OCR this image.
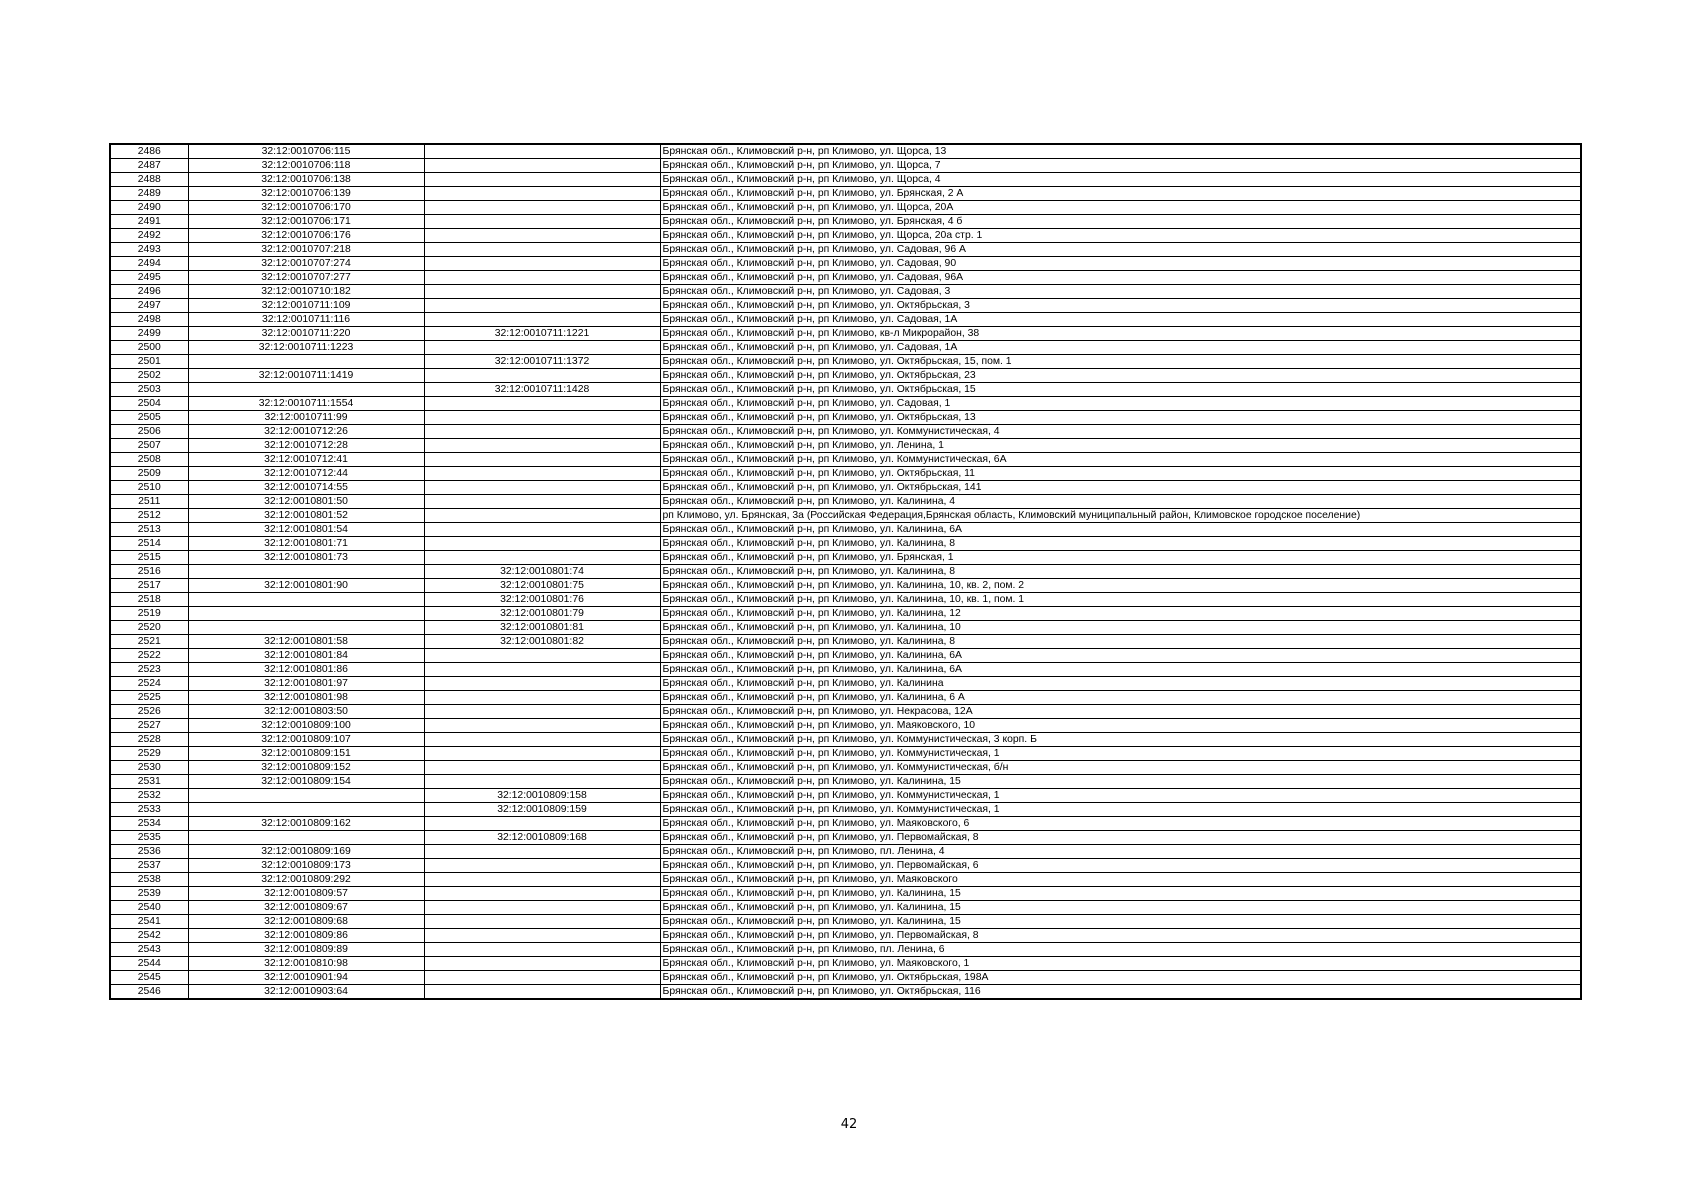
2486	32:12:0010706:115		Брянская обл., Климовский р-н, рп Климово, ул. Щорса, 13
2487	32:12:0010706:118		Брянская обл., Климовский р-н, рп Климово, ул. Щорса, 7
2488	32:12:0010706:138		Брянская обл., Климовский р-н, рп Климово, ул. Щорса, 4
2489	32:12:0010706:139		Брянская обл., Климовский р-н, рп Климово, ул. Брянская, 2 А
2490	32:12:0010706:170		Брянская обл., Климовский р-н, рп Климово, ул. Щорса, 20А
2491	32:12:0010706:171		Брянская обл., Климовский р-н, рп Климово, ул. Брянская, 4 б
2492	32:12:0010706:176		Брянская обл., Климовский р-н, рп Климово, ул. Щорса, 20а стр. 1
2493	32:12:0010707:218		Брянская обл., Климовский р-н, рп Климово, ул. Садовая, 96 А
2494	32:12:0010707:274		Брянская обл., Климовский р-н, рп Климово, ул. Садовая, 90
2495	32:12:0010707:277		Брянская обл., Климовский р-н, рп Климово, ул. Садовая, 96А
2496	32:12:0010710:182		Брянская обл., Климовский р-н, рп Климово, ул. Садовая, 3
2497	32:12:0010711:109		Брянская обл., Климовский р-н, рп Климово, ул. Октябрьская, 3
2498	32:12:0010711:116		Брянская обл., Климовский р-н, рп Климово, ул. Садовая, 1А
2499	32:12:0010711:220	32:12:0010711:1221	Брянская обл., Климовский р-н, рп Климово, кв-л Микрорайон, 38
2500	32:12:0010711:1223		Брянская обл., Климовский р-н, рп Климово, ул. Садовая, 1А
2501		32:12:0010711:1372	Брянская обл., Климовский р-н, рп Климово, ул. Октябрьская, 15, пом. 1
2502	32:12:0010711:1419		Брянская обл., Климовский р-н, рп Климово, ул. Октябрьская, 23
2503		32:12:0010711:1428	Брянская обл., Климовский р-н, рп Климово, ул. Октябрьская, 15
2504	32:12:0010711:1554		Брянская обл., Климовский р-н, рп Климово, ул. Садовая, 1
2505	32:12:0010711:99		Брянская обл., Климовский р-н, рп Климово, ул. Октябрьская, 13
2506	32:12:0010712:26		Брянская обл., Климовский р-н, рп Климово, ул. Коммунистическая, 4
2507	32:12:0010712:28		Брянская обл., Климовский р-н, рп Климово, ул. Ленина, 1
2508	32:12:0010712:41		Брянская обл., Климовский р-н, рп Климово, ул. Коммунистическая, 6А
2509	32:12:0010712:44		Брянская обл., Климовский р-н, рп Климово, ул. Октябрьская, 11
2510	32:12:0010714:55		Брянская обл., Климовский р-н, рп Климово, ул. Октябрьская, 141
2511	32:12:0010801:50		Брянская обл., Климовский р-н, рп Климово, ул. Калинина, 4
2512	32:12:0010801:52		рп Климово, ул. Брянская, 3а (Российская Федерация,Брянская область, Климовский муниципальный район, Климовское городское поселение)
2513	32:12:0010801:54		Брянская обл., Климовский р-н, рп Климово, ул. Калинина, 6А
2514	32:12:0010801:71		Брянская обл., Климовский р-н, рп Климово, ул. Калинина, 8
2515	32:12:0010801:73		Брянская обл., Климовский р-н, рп Климово, ул. Брянская, 1
2516		32:12:0010801:74	Брянская обл., Климовский р-н, рп Климово, ул. Калинина, 8
2517	32:12:0010801:90	32:12:0010801:75	Брянская обл., Климовский р-н, рп Климово, ул. Калинина, 10, кв. 2, пом. 2
2518		32:12:0010801:76	Брянская обл., Климовский р-н, рп Климово, ул. Калинина, 10, кв. 1, пом. 1
2519		32:12:0010801:79	Брянская обл., Климовский р-н, рп Климово, ул. Калинина, 12
2520		32:12:0010801:81	Брянская обл., Климовский р-н, рп Климово, ул. Калинина, 10
2521	32:12:0010801:58	32:12:0010801:82	Брянская обл., Климовский р-н, рп Климово, ул. Калинина, 8
2522	32:12:0010801:84		Брянская обл., Климовский р-н, рп Климово, ул. Калинина, 6А
2523	32:12:0010801:86		Брянская обл., Климовский р-н, рп Климово, ул. Калинина, 6А
2524	32:12:0010801:97		Брянская обл., Климовский р-н, рп Климово, ул. Калинина
2525	32:12:0010801:98		Брянская обл., Климовский р-н, рп Климово, ул. Калинина, 6 А
2526	32:12:0010803:50		Брянская обл., Климовский р-н, рп Климово, ул. Некрасова, 12А
2527	32:12:0010809:100		Брянская обл., Климовский р-н, рп Климово, ул. Маяковского, 10
2528	32:12:0010809:107		Брянская обл., Климовский р-н, рп Климово, ул. Коммунистическая, 3 корп. Б
2529	32:12:0010809:151		Брянская обл., Климовский р-н, рп Климово, ул. Коммунистическая, 1
2530	32:12:0010809:152		Брянская обл., Климовский р-н, рп Климово, ул. Коммунистическая, б/н
2531	32:12:0010809:154		Брянская обл., Климовский р-н, рп Климово, ул. Калинина, 15
2532		32:12:0010809:158	Брянская обл., Климовский р-н, рп Климово, ул. Коммунистическая, 1
2533		32:12:0010809:159	Брянская обл., Климовский р-н, рп Климово, ул. Коммунистическая, 1
2534	32:12:0010809:162		Брянская обл., Климовский р-н, рп Климово, ул. Маяковского, 6
2535		32:12:0010809:168	Брянская обл., Климовский р-н, рп Климово, ул. Первомайская, 8
2536	32:12:0010809:169		Брянская обл., Климовский р-н, рп Климово, пл. Ленина, 4
2537	32:12:0010809:173		Брянская обл., Климовский р-н, рп Климово, ул. Первомайская, 6
2538	32:12:0010809:292		Брянская обл., Климовский р-н, рп Климово, ул. Маяковского
2539	32:12:0010809:57		Брянская обл., Климовский р-н, рп Климово, ул. Калинина, 15
2540	32:12:0010809:67		Брянская обл., Климовский р-н, рп Климово, ул. Калинина, 15
2541	32:12:0010809:68		Брянская обл., Климовский р-н, рп Климово, ул. Калинина, 15
2542	32:12:0010809:86		Брянская обл., Климовский р-н, рп Климово, ул. Первомайская, 8
2543	32:12:0010809:89		Брянская обл., Климовский р-н, рп Климово, пл. Ленина, 6
2544	32:12:0010810:98		Брянская обл., Климовский р-н, рп Климово, ул. Маяковского, 1
2545	32:12:0010901:94		Брянская обл., Климовский р-н, рп Климово, ул. Октябрьская, 198А
2546	32:12:0010903:64		Брянская обл., Климовский р-н, рп Климово, ул. Октябрьская, 116
42
